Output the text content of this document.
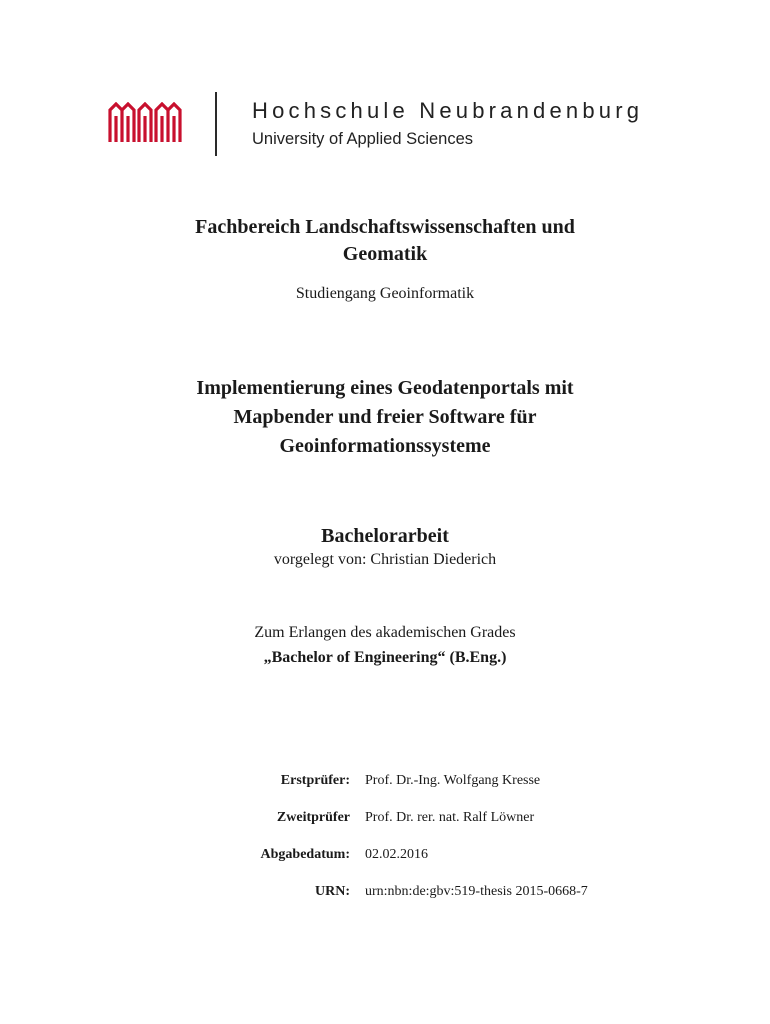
Hochschule Neubrandenburg
University of Applied Sciences
Fachbereich Landschaftswissenschaften und
Geomatik
Studiengang Geoinformatik
Implementierung eines Geodatenportals mit
Mapbender und freier Software für
Geoinformationssysteme
Bachelorarbeit
vorgelegt von: Christian Diederich
Zum Erlangen des akademischen Grades
„Bachelor of Engineering“ (B.Eng.)
Erstprüfer: Prof. Dr.-Ing. Wolfgang Kresse
Zweitprüfer Prof. Dr. rer. nat. Ralf Löwner
Abgabedatum: 02.02.2016
URN: urn:nbn:de:gbv:519-thesis 2015-0668-7
